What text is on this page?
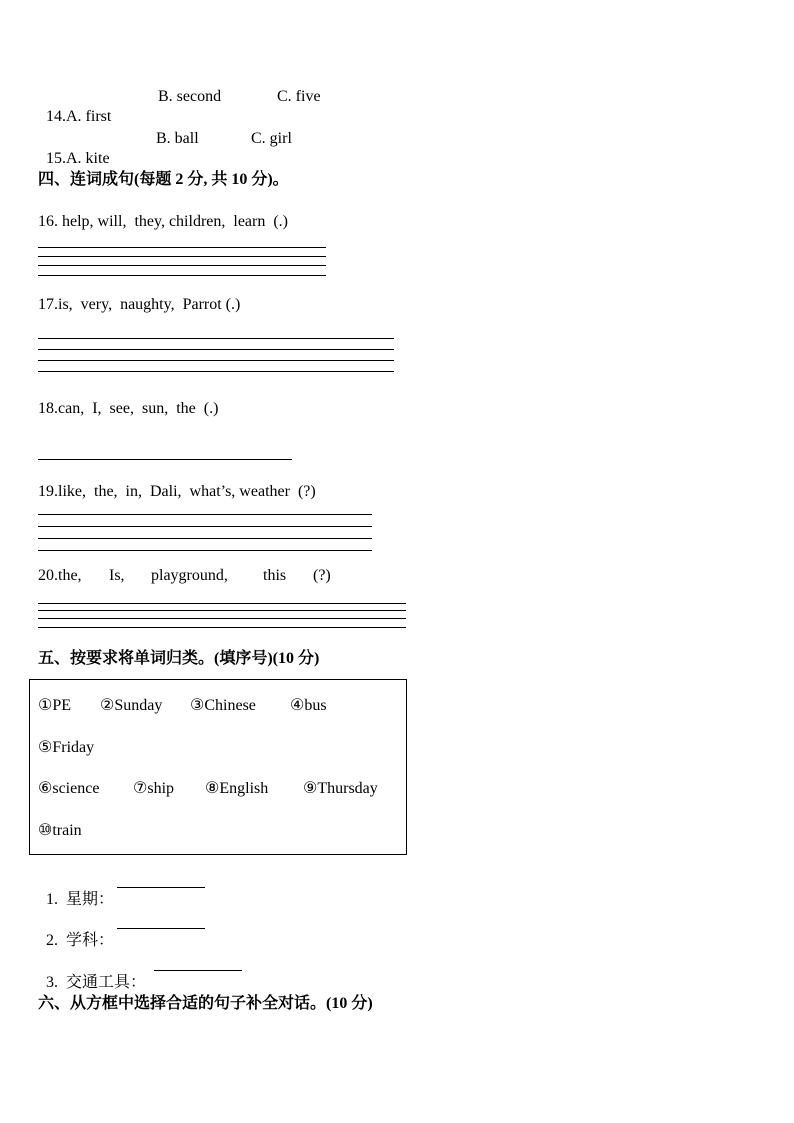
14.A. first

B. second	C. five

15.A. kite

B. ball	C. girl
四、连词成句(每题 2 分, 共 10 分)。
16. help, will,  they, children,  learn  (.)
17.is,  very,  naughty,  Parrot (.)
18.can,  I,  see,  sun,  the  (.)
19.like,  the,  in,  Dali,  what’s, weather  (?)
20.the, Is, playground, this (?)
五、按要求将单词归类。(填序号)(10 分)
①PE ②Sunday ③Chinese ④bus
⑤Friday
⑥science ⑦ship ⑧English ⑨Thursday
⑩train

1.  星期：

2.  学科：

3.  交通工具：

六、从方框中选择合适的句子补全对话。(10 分)
